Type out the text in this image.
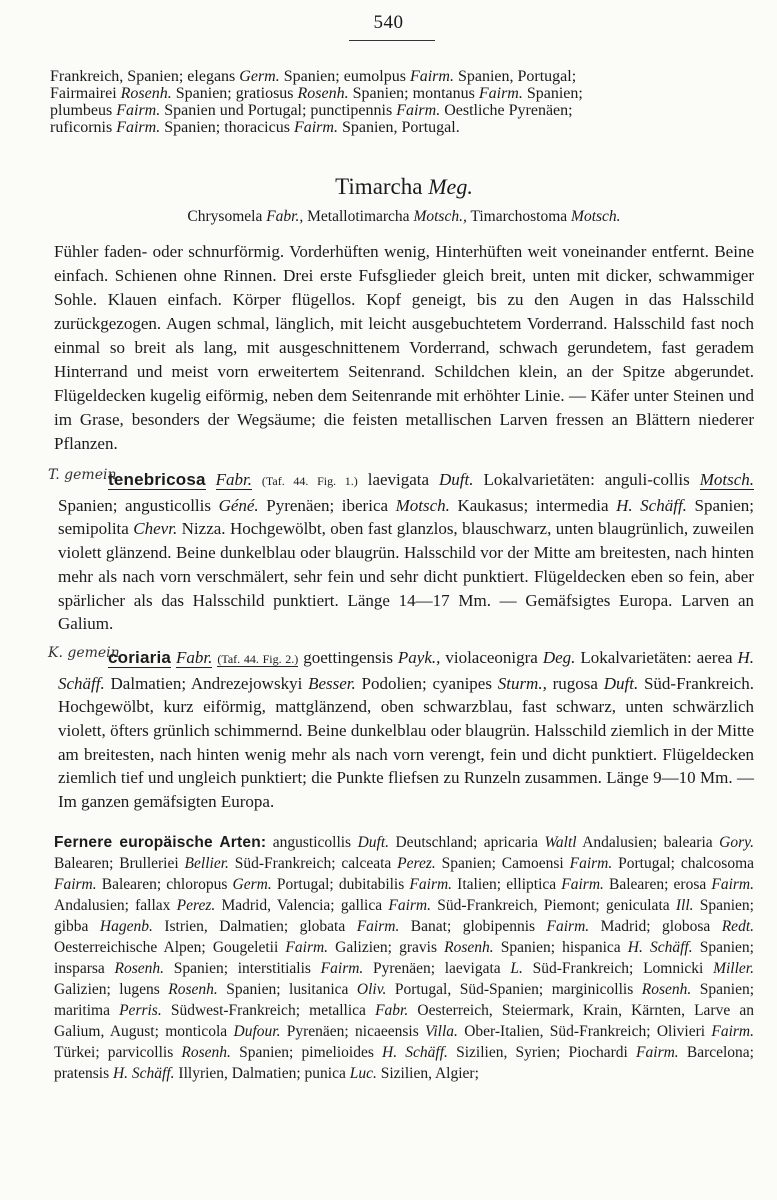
540

Frankreich, Spanien; elegans Germ. Spanien; eumolpus Fairm. Spanien, Portugal;

Fairmairei Rosenh. Spanien; gratiosus Rosenh. Spanien; montanus Fairm. Spanien;

plumbeus Fairm. Spanien und Portugal; punctipennis Fairm. Oestliche Pyrenäen;

ruficornis Fairm. Spanien; thoracicus Fairm. Spanien, Portugal.

Timarcha Meg.
Chrysomela Fabr., Metallotimarcha Motsch., Timarchostoma Motsch.

Fühler faden- oder schnurförmig. Vorderhüften wenig, Hinterhüften weit voneinander entfernt. Beine einfach. Schienen ohne Rinnen. Drei erste Fufsglieder gleich breit, unten mit dicker, schwammiger Sohle. Klauen einfach. Körper flügellos. Kopf geneigt, bis zu den Augen in das Halsschild zurückgezogen. Augen schmal, länglich, mit leicht ausgebuchtetem Vorderrand. Halsschild fast noch einmal so breit als lang, mit ausgeschnittenem Vorderrand, schwach gerundetem, fast geradem Hinterrand und meist vorn erweitertem Seitenrand. Schildchen klein, an der Spitze abgerundet. Flügeldecken kugelig eiförmig, neben dem Seitenrande mit erhöhter Linie. — Käfer unter Steinen und im Grase, besonders der Wegsäume; die feisten metallischen Larven fressen an Blättern niederer Pflanzen.

T. gemein

tenebricosa Fabr. (Taf. 44. Fig. 1.) laevigata Duft. Lokalvarietäten: anguli-collis Motsch. Spanien; angusticollis Géné. Pyrenäen; iberica Motsch. Kaukasus; intermedia H. Schäff. Spanien; semipolita Chevr. Nizza. Hochgewölbt, oben fast glanzlos, blauschwarz, unten blaugrünlich, zuweilen violett glänzend. Beine dunkelblau oder blaugrün. Halsschild vor der Mitte am breitesten, nach hinten mehr als nach vorn verschmälert, sehr fein und sehr dicht punktiert. Flügeldecken eben so fein, aber spärlicher als das Halsschild punktiert. Länge 14—17 Mm. — Gemäfsigtes Europa. Larven an Galium.

K. gemein

coriaria Fabr. (Taf. 44. Fig. 2.) goettingensis Payk., violaceonigra Deg. Lokalvarietäten: aerea H. Schäff. Dalmatien; Andrezejowskyi Besser. Podolien; cyanipes Sturm., rugosa Duft. Süd-Frankreich. Hochgewölbt, kurz eiförmig, mattglänzend, oben schwarzblau, fast schwarz, unten schwärzlich violett, öfters grünlich schimmernd. Beine dunkelblau oder blaugrün. Halsschild ziemlich in der Mitte am breitesten, nach hinten wenig mehr als nach vorn verengt, fein und dicht punktiert. Flügeldecken ziemlich tief und ungleich punktiert; die Punkte fliefsen zu Runzeln zusammen. Länge 9—10 Mm. — Im ganzen gemäfsigten Europa.

Fernere europäische Arten: angusticollis Duft. Deutschland; apricaria Waltl Andalusien; balearia Gory. Balearen; Brulleriei Bellier. Süd-Frankreich; calceata Perez. Spanien; Camoensi Fairm. Portugal; chalcosoma Fairm. Balearen; chloropus Germ. Portugal; dubitabilis Fairm. Italien; elliptica Fairm. Balearen; erosa Fairm. Andalusien; fallax Perez. Madrid, Valencia; gallica Fairm. Süd-Frankreich, Piemont; geniculata Ill. Spanien; gibba Hagenb. Istrien, Dalmatien; globata Fairm. Banat; globipennis Fairm. Madrid; globosa Redt. Oesterreichische Alpen; Gougeletii Fairm. Galizien; gravis Rosenh. Spanien; hispanica H. Schäff. Spanien; insparsa Rosenh. Spanien; interstitialis Fairm. Pyrenäen; laevigata L. Süd-Frankreich; Lomnicki Miller. Galizien; lugens Rosenh. Spanien; lusitanica Oliv. Portugal, Süd-Spanien; marginicollis Rosenh. Spanien; maritima Perris. Südwest-Frankreich; metallica Fabr. Oesterreich, Steiermark, Krain, Kärnten, Larve an Galium, August; monticola Dufour. Pyrenäen; nicaeensis Villa. Ober-Italien, Süd-Frankreich; Olivieri Fairm. Türkei; parvicollis Rosenh. Spanien; pimelioides H. Schäff. Sizilien, Syrien; Piochardi Fairm. Barcelona; pratensis H. Schäff. Illyrien, Dalmatien; punica Luc. Sizilien, Algier;
